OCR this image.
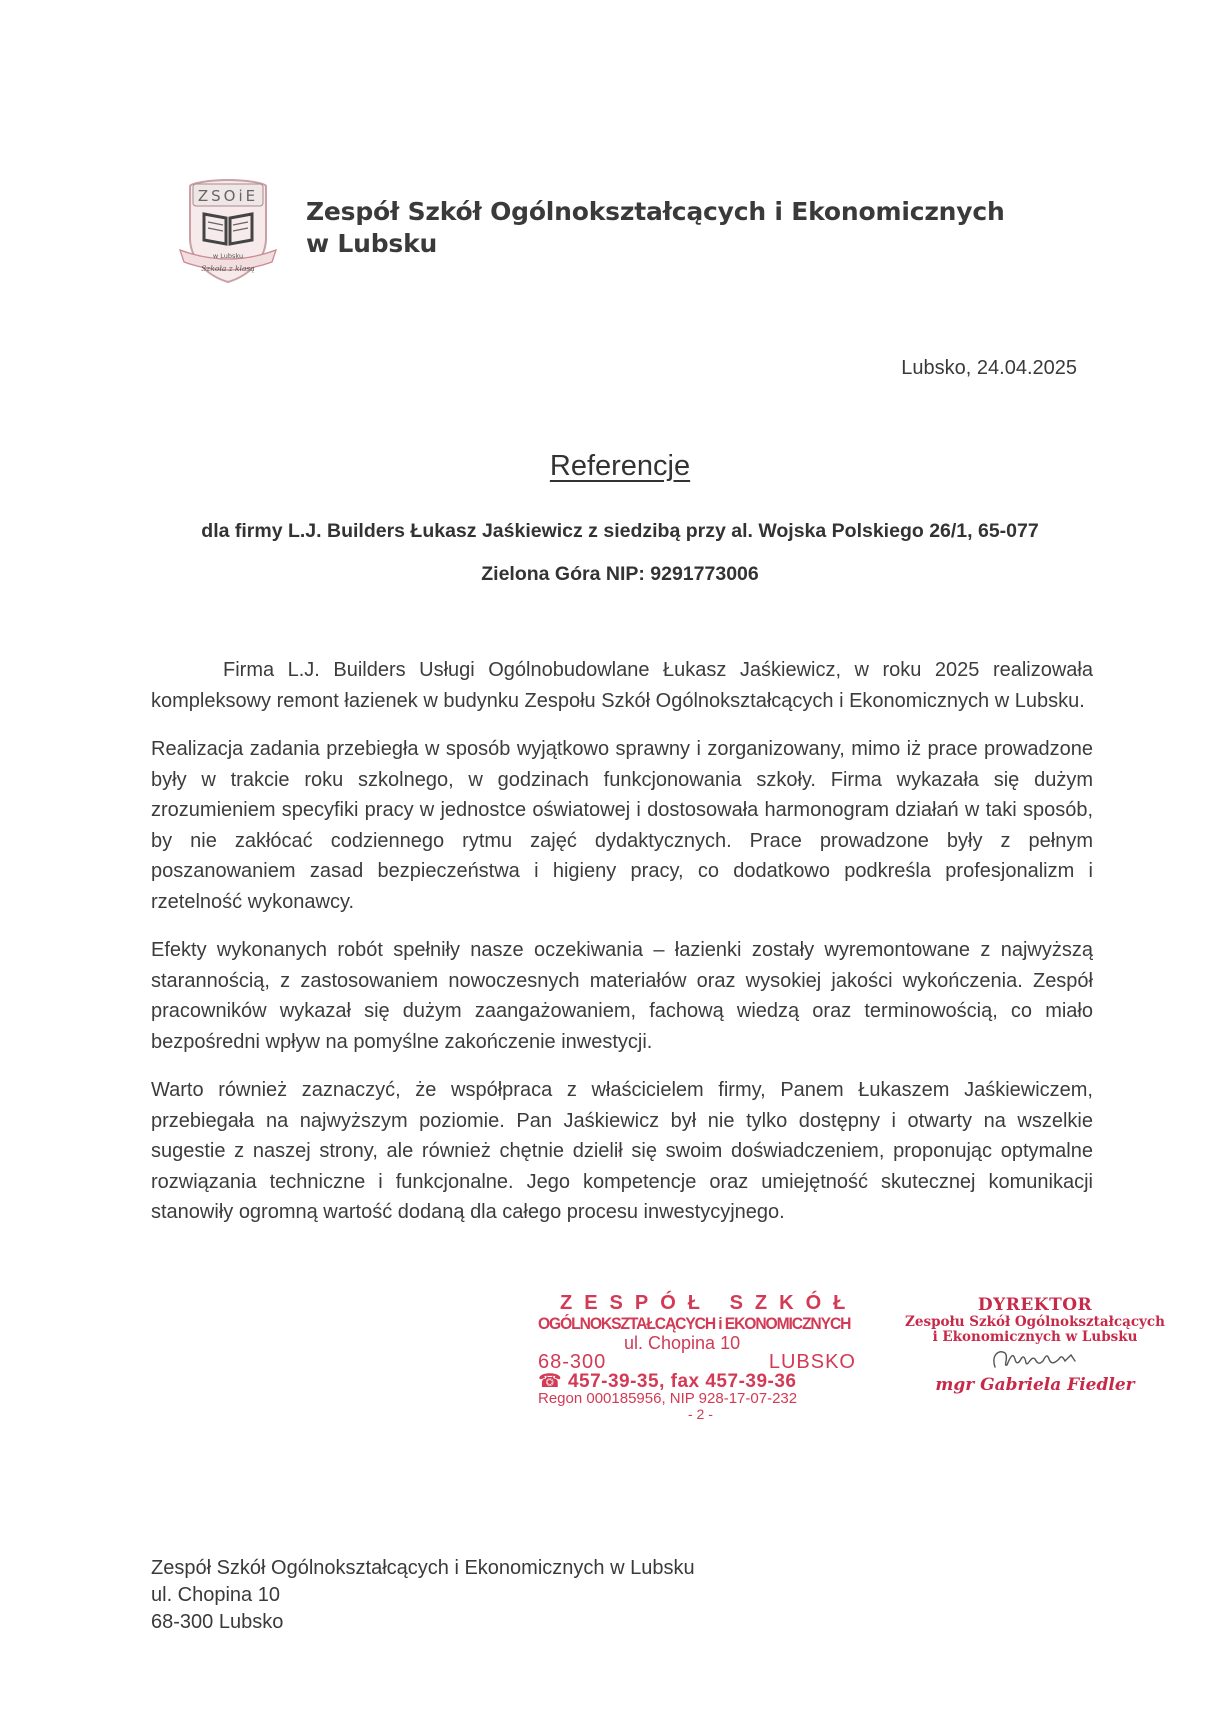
ZSOiE
w Lubsku
Szkoła z klasą
Zespół Szkół Ogólnokształcących i Ekonomicznych
w Lubsku
Lubsko, 24.04.2025
Referencje
dla firmy L.J. Builders Łukasz Jaśkiewicz z siedzibą przy al. Wojska Polskiego 26/1, 65-077
Zielona Góra NIP: 9291773006

Firma L.J. Builders Usługi Ogólnobudowlane Łukasz Jaśkiewicz, w roku 2025 realizowała kompleksowy remont łazienek w budynku Zespołu Szkół Ogólnokształcących i Ekonomicznych w Lubsku.

Realizacja zadania przebiegła w sposób wyjątkowo sprawny i zorganizowany, mimo iż prace prowadzone były w trakcie roku szkolnego, w godzinach funkcjonowania szkoły. Firma wykazała się dużym zrozumieniem specyfiki pracy w jednostce oświatowej i dostosowała harmonogram działań w taki sposób, by nie zakłócać codziennego rytmu zajęć dydaktycznych. Prace prowadzone były z pełnym poszanowaniem zasad bezpieczeństwa i higieny pracy, co dodatkowo podkreśla profesjonalizm i rzetelność wykonawcy.

Efekty wykonanych robót spełniły nasze oczekiwania – łazienki zostały wyremontowane z najwyższą starannością, z zastosowaniem nowoczesnych materiałów oraz wysokiej jakości wykończenia. Zespół pracowników wykazał się dużym zaangażowaniem, fachową wiedzą oraz terminowością, co miało bezpośredni wpływ na pomyślne zakończenie inwestycji.

Warto również zaznaczyć, że współpraca z właścicielem firmy, Panem Łukaszem Jaśkiewiczem, przebiegała na najwyższym poziomie. Pan Jaśkiewicz był nie tylko dostępny i otwarty na wszelkie sugestie z naszej strony, ale również chętnie dzielił się swoim doświadczeniem, proponując optymalne rozwiązania techniczne i funkcjonalne. Jego kompetencje oraz umiejętność skutecznej komunikacji stanowiły ogromną wartość dodaną dla całego procesu inwestycyjnego.

ZESPÓŁ SZKÓŁ
OGÓLNOKSZTAŁCĄCYCH i EKONOMICZNYCH
ul. Chopina 10
68-300	LUBSKO
☎ 457-39-35, fax 457-39-36
Regon 000185956, NIP 928-17-07-232
- 2 -
DYREKTOR
Zespołu Szkół Ogólnokształcących
i Ekonomicznych w Lubsku
mgr Gabriela Fiedler
Zespół Szkół Ogólnokształcących i Ekonomicznych w Lubsku
ul. Chopina 10
68-300 Lubsko
